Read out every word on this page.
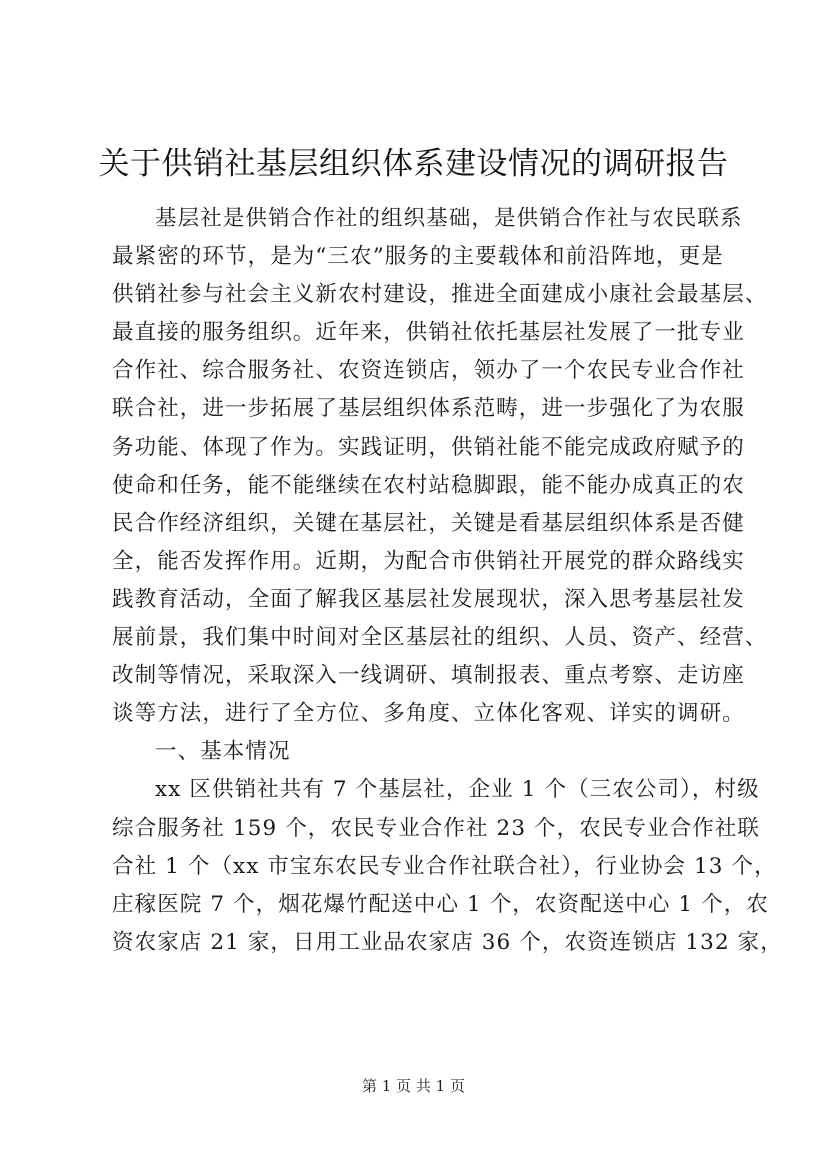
关于供销社基层组织体系建设情况的调研报告
基层社是供销合作社的组织基础，是供销合作社与农民联系
最紧密的环节，是为“三农”服务的主要载体和前沿阵地，更是
供销社参与社会主义新农村建设，推进全面建成小康社会最基层、
最直接的服务组织。近年来，供销社依托基层社发展了一批专业
合作社、综合服务社、农资连锁店，领办了一个农民专业合作社
联合社，进一步拓展了基层组织体系范畴，进一步强化了为农服
务功能、体现了作为。实践证明，供销社能不能完成政府赋予的
使命和任务，能不能继续在农村站稳脚跟，能不能办成真正的农
民合作经济组织，关键在基层社，关键是看基层组织体系是否健
全，能否发挥作用。近期，为配合市供销社开展党的群众路线实
践教育活动，全面了解我区基层社发展现状，深入思考基层社发
展前景，我们集中时间对全区基层社的组织、人员、资产、经营、
改制等情况，采取深入一线调研、填制报表、重点考察、走访座
谈等方法，进行了全方位、多角度、立体化客观、详实的调研。
一、基本情况
xx 区供销社共有 7 个基层社，企业 1 个（三农公司），村级
综合服务社 159 个，农民专业合作社 23 个，农民专业合作社联
合社 1 个（xx 市宝东农民专业合作社联合社），行业协会 13 个，
庄稼医院 7 个，烟花爆竹配送中心 1 个，农资配送中心 1 个，农
资农家店 21 家，日用工业品农家店 36 个，农资连锁店 132 家，
第 1 页 共 1 页
